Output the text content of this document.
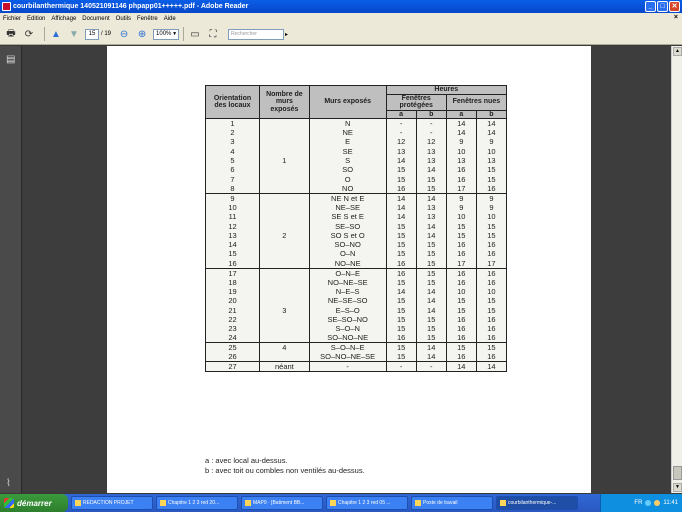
courbilanthermique 140521091146 phpapp01+++++.pdf - Adobe Reader	_	□ ✕
Fichier Edition Affichage Document Outils Fenêtre Aide	×
🖶 ⟳ ▲ ▼	15 / 19 ⊖ ⊕	100% ▼ ▭ ⛶	Rechercher	▸
▤
⌇
Orientation des locaux	Nombre de murs exposés	Murs exposés	Heures			
			Fenêtres protégées		Fenêtres nues	
			a	b	a	b
1		N	-	-	14	14
2		NE	-	-	14	14
3		E	12	12	9	9
4		SE	13	13	10	10
5	1	S	14	13	13	13
6		SO	15	14	16	15
7		O	15	15	16	15
8		NO	16	15	17	16
9		NE N et E	14	14	9	9
10		NE–SE	14	13	9	9
11		SE S et E	14	13	10	10
12		SE–SO	15	14	15	15
13	2	SO S et O	15	14	15	15
14		SO–NO	15	15	16	16
15		O–N	15	15	16	16
16		NO–NE	16	15	17	17
17		O–N–E	16	15	16	16
18		NO–NE–SE	15	15	16	16
19		N–E–S	14	14	10	10
20		NE–SE–SO	15	14	15	15
21	3	E–S–O	15	14	15	15
22		SE–SO–NO	15	15	16	16
23		S–O–N	15	15	16	16
24		SO–NO–NE	16	15	16	16
25	4	S–O–N–E	15	14	15	15
26		SO–NO–NE–SE	15	14	16	16
27	néant	-	-	-	14	14
a : avec local au-dessus.
b : avec toit ou combles non ventilés au-dessus.
▲
▼
démarrer	REDACTION PROJET	Chapitre 1 2 3 red 20...	MAP9 · [Batiment BB...	Chapitre 1 2 3 red 05 ...	Poste de travail	courbilanthermique-...	FR	11:41
